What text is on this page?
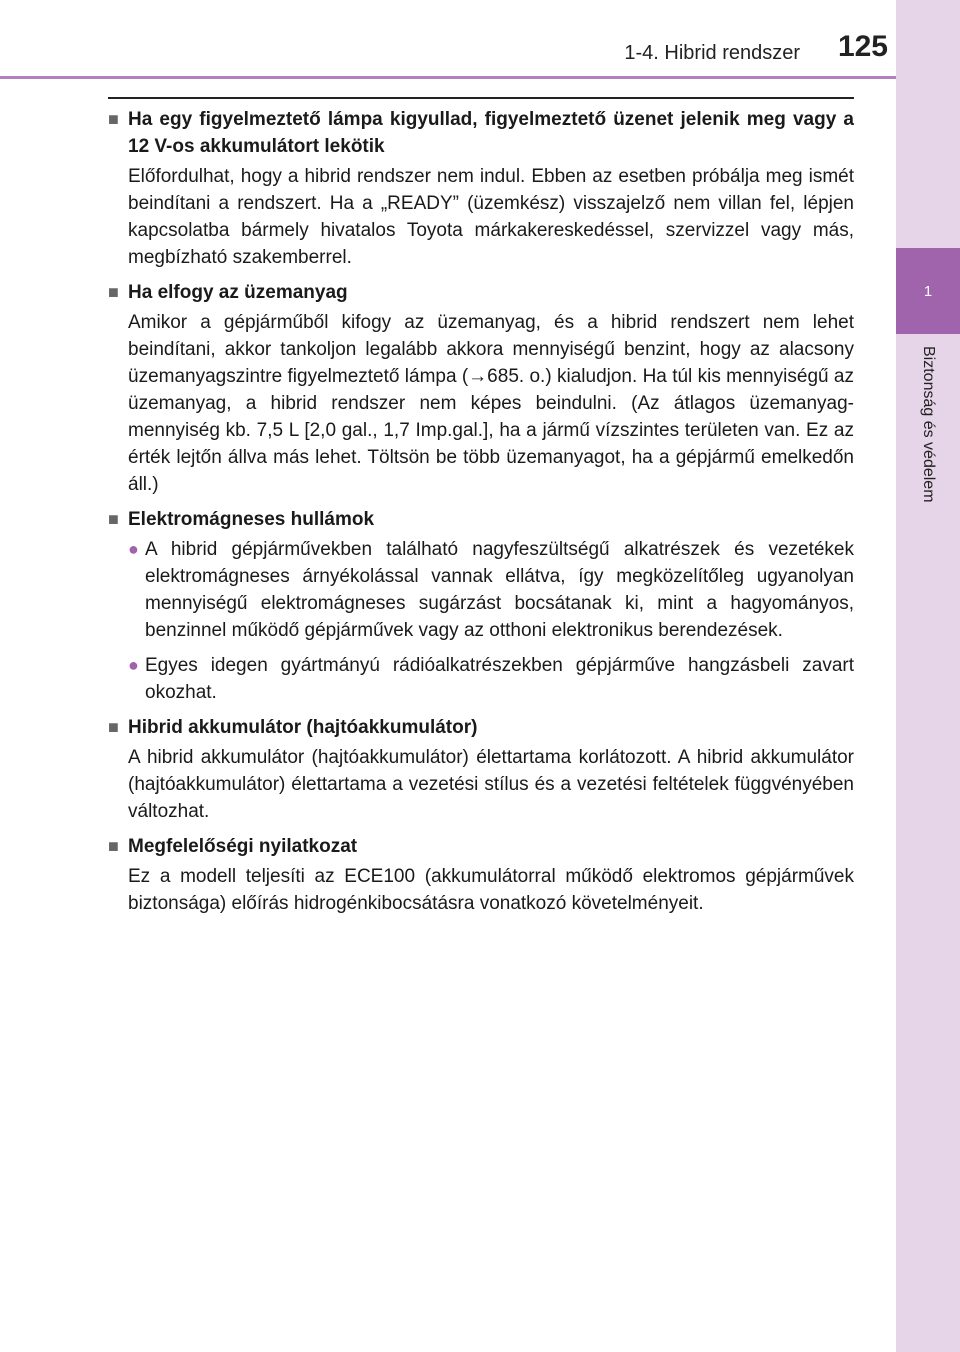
1
Biztonság és védelem
1-4. Hibrid rendszer	125
■ Ha egy figyelmeztető lámpa kigyullad, figyelmeztető üzenet jelenik meg vagy a 12 V-os akkumulátort lekötik
Előfordulhat, hogy a hibrid rendszer nem indul. Ebben az esetben próbálja meg ismét beindítani a rendszert. Ha a „READY” (üzemkész) visszajelző nem villan fel, lépjen kapcsolatba bármely hivatalos Toyota márkakereskedéssel, szervizzel vagy más, megbízható szakemberrel.
■ Ha elfogy az üzemanyag
Amikor a gépjárműből kifogy az üzemanyag, és a hibrid rendszert nem lehet beindítani, akkor tankoljon legalább akkora mennyiségű benzint, hogy az alacsony üzemanyagszintre figyelmeztető lámpa (→685. o.) kialudjon. Ha túl kis mennyiségű az üzemanyag, a hibrid rendszer nem képes beindulni. (Az átlagos üzemanyag-mennyiség kb. 7,5 L [2,0 gal., 1,7 Imp.gal.], ha a jármű vízszintes területen van. Ez az érték lejtőn állva más lehet. Töltsön be több üzemanyagot, ha a gépjármű emelkedőn áll.)
■ Elektromágneses hullámok
● A hibrid gépjárművekben található nagyfeszültségű alkatrészek és vezetékek elektromágneses árnyékolással vannak ellátva, így megközelítőleg ugyanolyan mennyiségű elektromágneses sugárzást bocsátanak ki, mint a hagyományos, benzinnel működő gépjárművek vagy az otthoni elektronikus berendezések.
● Egyes idegen gyártmányú rádióalkatrészekben gépjárműve hangzásbeli zavart okozhat.
■ Hibrid akkumulátor (hajtóakkumulátor)
A hibrid akkumulátor (hajtóakkumulátor) élettartama korlátozott. A hibrid akkumulátor (hajtóakkumulátor) élettartama a vezetési stílus és a vezetési feltételek függvényében változhat.
■ Megfelelőségi nyilatkozat
Ez a modell teljesíti az ECE100 (akkumulátorral működő elektromos gépjárművek biztonsága) előírás hidrogénkibocsátásra vonatkozó követelményeit.
